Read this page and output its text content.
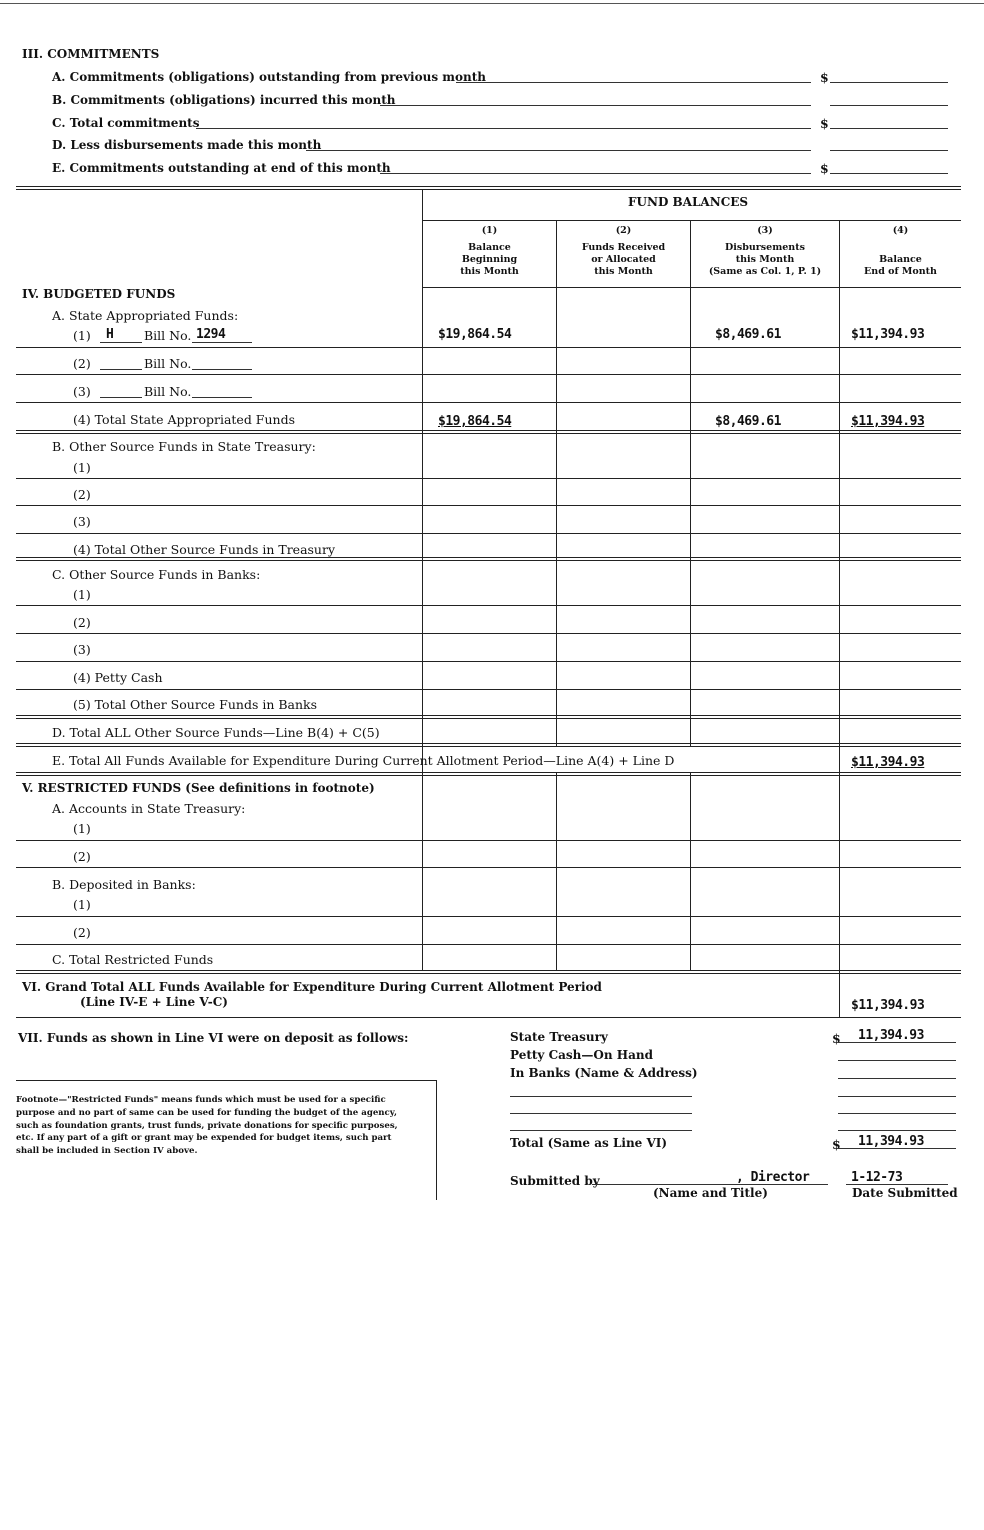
III. COMMITMENTS
A. Commitments (obligations) outstanding from previous month	$
B. Commitments (obligations) incurred this month
C. Total commitments	$
D. Less disbursements made this month
E. Commitments outstanding at end of this month	$
FUND BALANCES
(1)
Balance
Beginning
this Month
(2)
Funds Received
or Allocated
this Month
(3)
Disbursements
this Month
(Same as Col. 1, P. 1)
(4)
Balance
End of Month
IV. BUDGETED FUNDS
A. State Appropriated Funds:
(1) H Bill No. 1294	$19,864.54	$8,469.61	$11,394.93
(2)	Bill No.
(3)	Bill No.
(4) Total State Appropriated Funds	$19,864.54	$8,469.61	$11,394.93
B. Other Source Funds in State Treasury:
(1)
(2)
(3)
(4) Total Other Source Funds in Treasury
C. Other Source Funds in Banks:
(1)
(2)
(3)
(4) Petty Cash
(5) Total Other Source Funds in Banks
D. Total ALL Other Source Funds—Line B(4) + C(5)
E. Total All Funds Available for Expenditure During Current Allotment Period—Line A(4) + Line D	$11,394.93
V. RESTRICTED FUNDS (See definitions in footnote)
A. Accounts in State Treasury:
(1)
(2)
B. Deposited in Banks:
(1)
(2)
C. Total Restricted Funds
VI. Grand Total ALL Funds Available for Expenditure During Current Allotment Period
(Line IV-E + Line V-C)	$11,394.93
VII. Funds as shown in Line VI were on deposit as follows:	State Treasury	$ 11,394.93
Petty Cash—On Hand
In Banks (Name & Address)
Total (Same as Line VI)	$ 11,394.93
Footnote—"Restricted Funds" means funds which must be used for a specific
purpose and no part of same can be used for funding the budget of the agency,
such as foundation grants, trust funds, private donations for specific purposes,
etc. If any part of a gift or grant may be expended for budget items, such part
shall be included in Section IV above.
Submitted by	, Director
(Name and Title)
1-12-73
Date Submitted
